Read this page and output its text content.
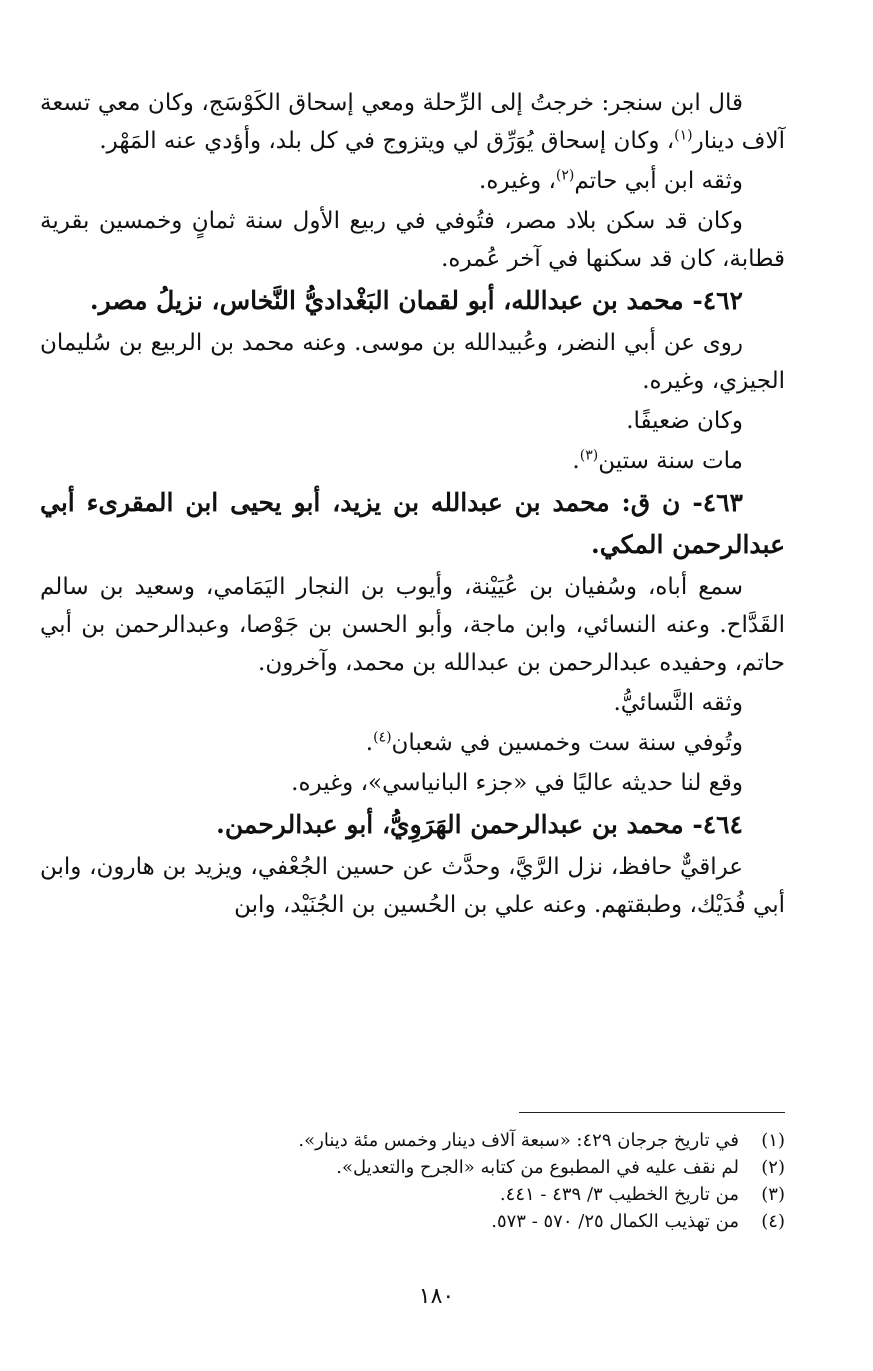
قال ابن سنجر: خرجتُ إلى الرِّحلة ومعي إسحاق الكَوْسَج، وكان معي تسعة آلاف دينار$^{(١)}$، وكان إسحاق يُوَرِّق لي ويتزوج في كل بلد، وأؤدي عنه المَهْر.

وثقه ابن أبي حاتم$^{(٢)}$، وغيره.

وكان قد سكن بلاد مصر، فتُوفي في ربيع الأول سنة ثمانٍ وخمسين بقرية قطابة، كان قد سكنها في آخر عُمره.

٤٦٢- محمد بن عبدالله، أبو لقمان البَغْداديُّ النَّخاس، نزيلُ مصر.

روى عن أبي النضر، وعُبيدالله بن موسى. وعنه محمد بن الربيع بن سُليمان الجيزي، وغيره.

وكان ضعيفًا.

مات سنة ستين$^{(٣)}$.

٤٦٣- ن ق: محمد بن عبدالله بن يزيد، أبو يحيى ابن المقرىء أبي عبدالرحمن المكي.

سمع أباه، وسُفيان بن عُيَيْنة، وأيوب بن النجار اليَمَامي، وسعيد بن سالم القَدَّاح. وعنه النسائي، وابن ماجة، وأبو الحسن بن جَوْصا، وعبدالرحمن بن أبي حاتم، وحفيده عبدالرحمن بن عبدالله بن محمد، وآخرون.

وثقه النَّسائيُّ.

وتُوفي سنة ست وخمسين في شعبان$^{(٤)}$.

وقع لنا حديثه عاليًا في «جزء البانياسي»، وغيره.

٤٦٤- محمد بن عبدالرحمن الهَرَوِيُّ، أبو عبدالرحمن.

عراقيٌّ حافظ، نزل الرَّيَّ، وحدَّث عن حسين الجُعْفي، ويزيد بن هارون، وابن أبي فُدَيْك، وطبقتهم. وعنه علي بن الحُسين بن الجُنَيْد، وابن

(١)في تاريخ جرجان ٤٢٩: «سبعة آلاف دينار وخمس مئة دينار».
(٢)لم نقف عليه في المطبوع من كتابه «الجرح والتعديل».
(٣)من تاريخ الخطيب ٣/ ٤٣٩ - ٤٤١.
(٤)من تهذيب الكمال ٢٥/ ٥٧٠ - ٥٧٣.
١٨٠
